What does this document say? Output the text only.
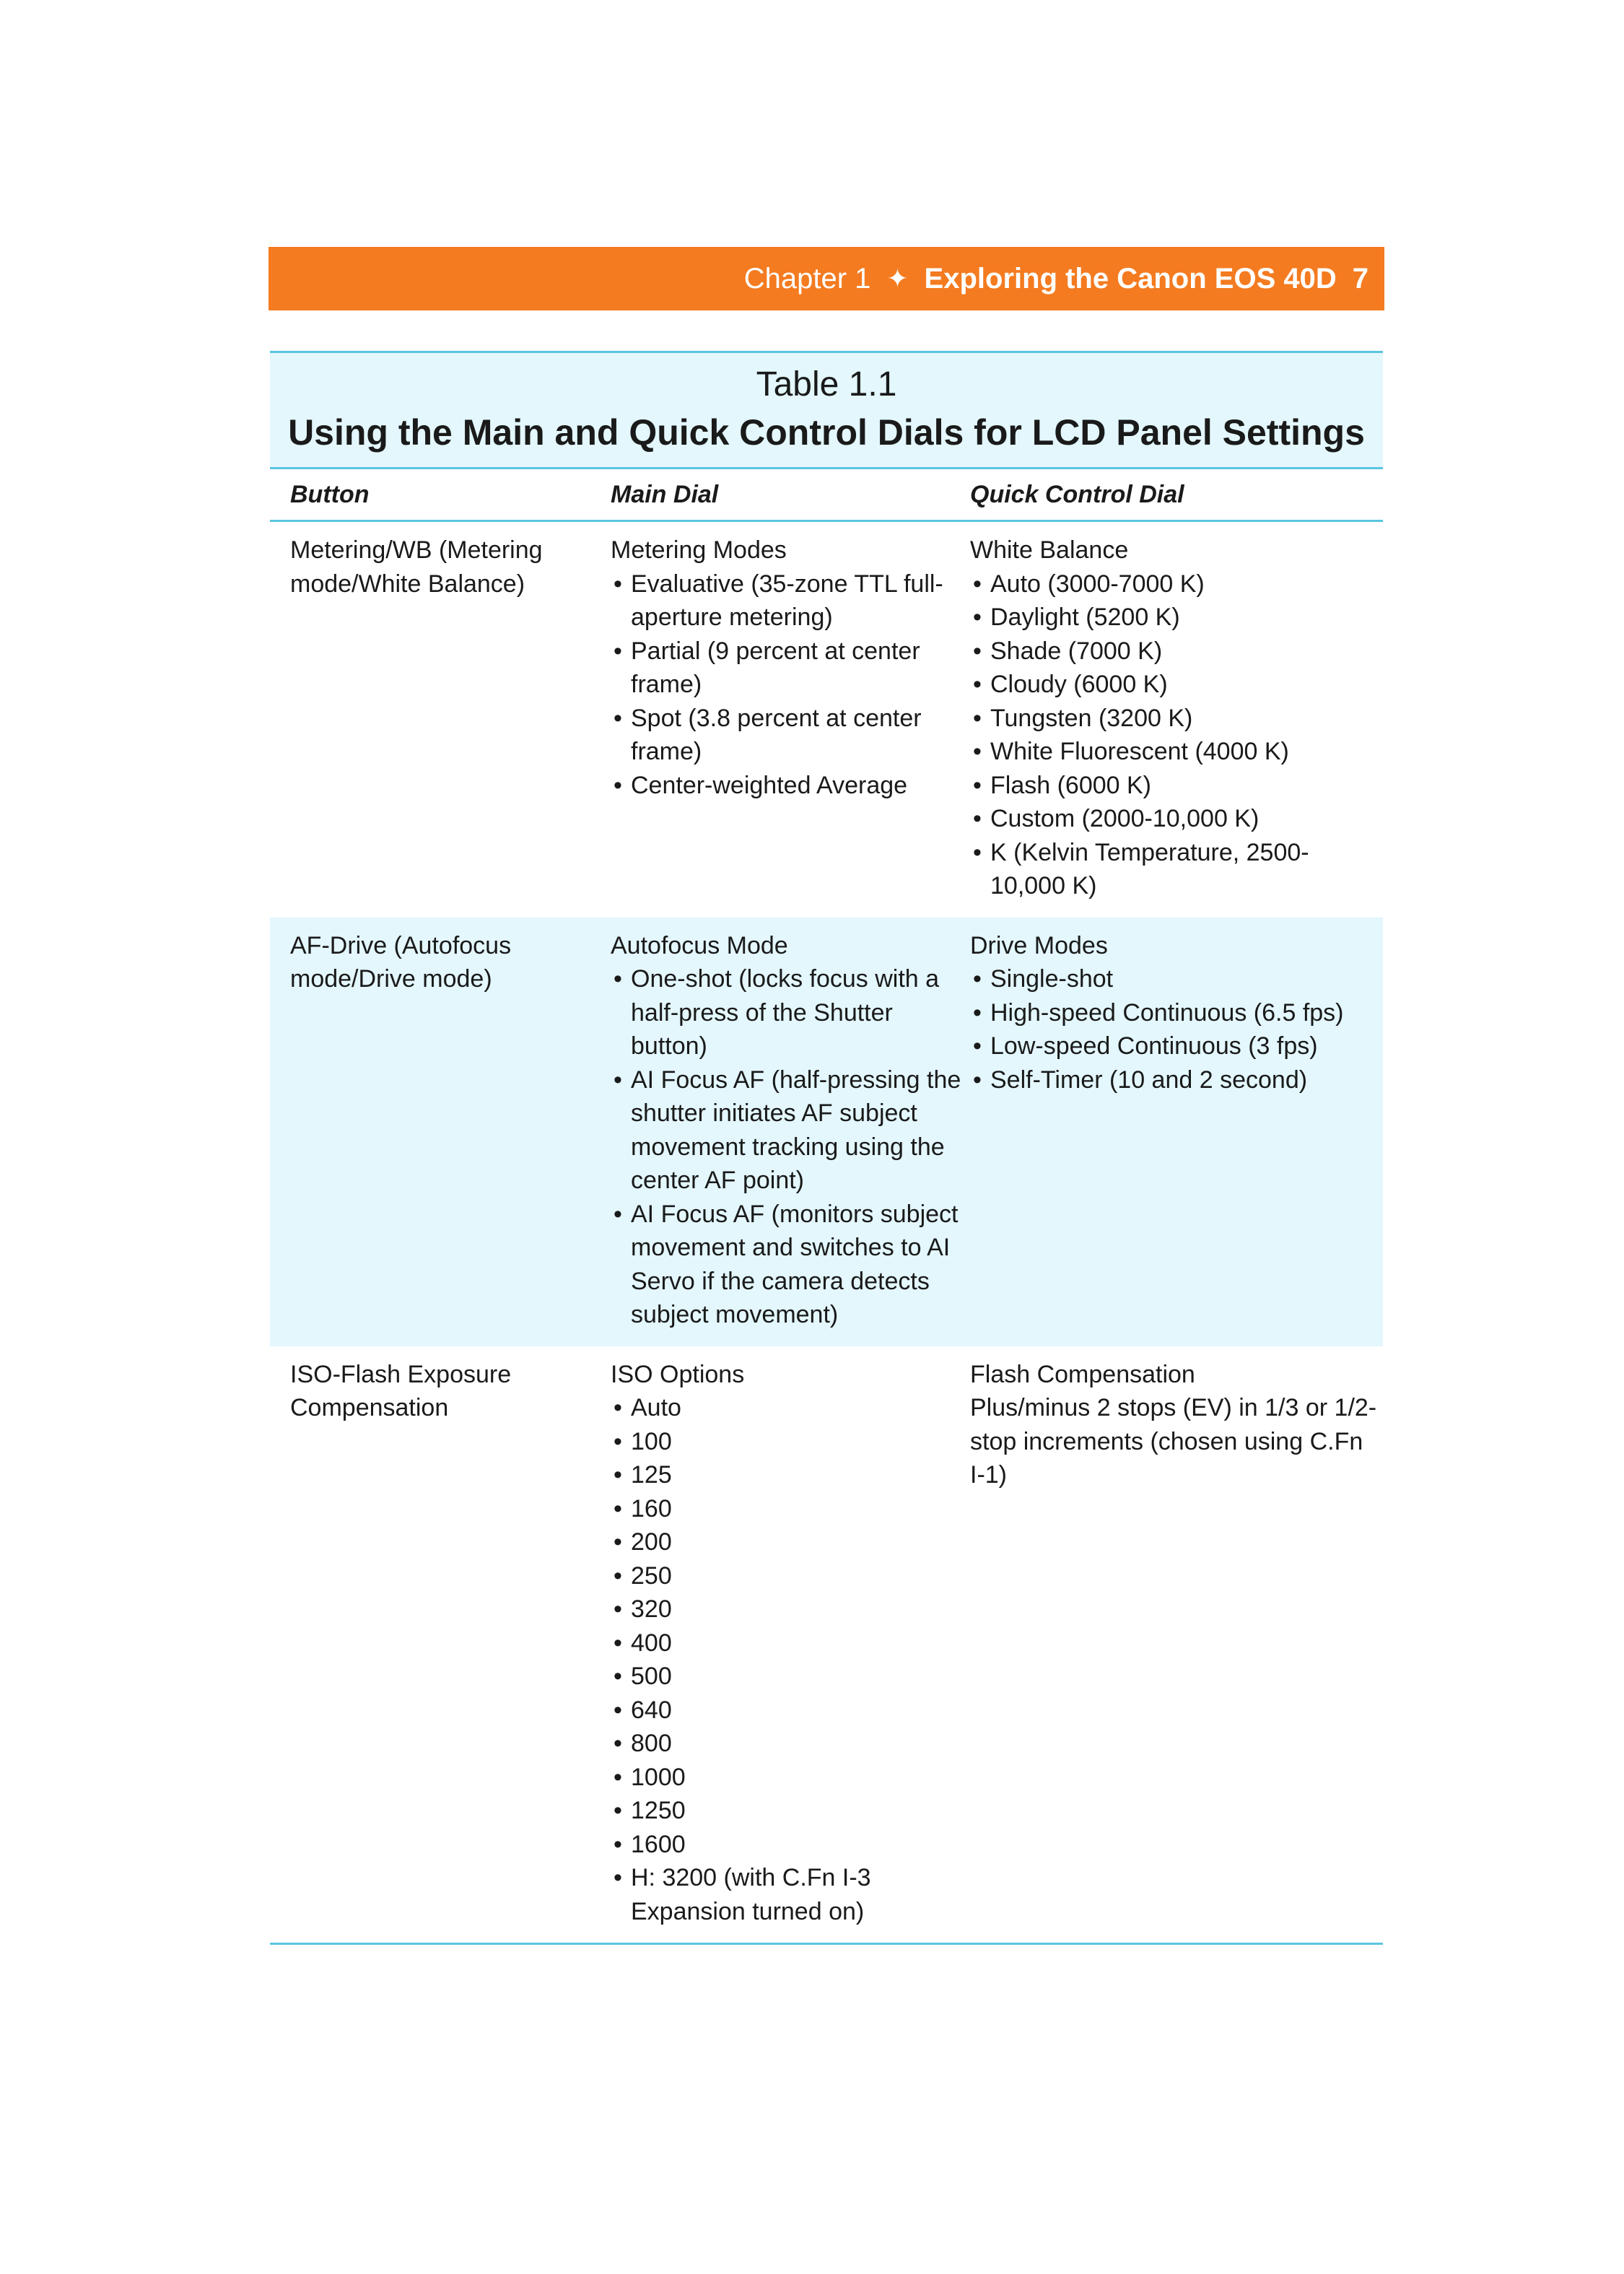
Chapter 1 ✦ Exploring the Canon EOS 40D 7
Table 1.1
Using the Main and Quick Control Dials for LCD Panel Settings
Button	Main Dial	Quick Control Dial
Metering/WB (Metering mode/White Balance)
Metering Modes
• Evaluative (35-zone TTL full-aperture metering)
• Partial (9 percent at center frame)
• Spot (3.8 percent at center frame)
• Center-weighted Average
White Balance
• Auto (3000-7000 K)
• Daylight (5200 K)
• Shade (7000 K)
• Cloudy (6000 K)
• Tungsten (3200 K)
• White Fluorescent (4000 K)
• Flash (6000 K)
• Custom (2000-10,000 K)
• K (Kelvin Temperature, 2500-10,000 K)
AF-Drive (Autofocus mode/Drive mode)
Autofocus Mode
• One-shot (locks focus with a half-press of the Shutter button)
• AI Focus AF (half-pressing the shutter initiates AF subject movement tracking using the center AF point)
• AI Focus AF (monitors subject movement and switches to AI Servo if the camera detects subject movement)
Drive Modes
• Single-shot
• High-speed Continuous (6.5 fps)
• Low-speed Continuous (3 fps)
• Self-Timer (10 and 2 second)
ISO-Flash Exposure Compensation
ISO Options
• Auto
• 100
• 125
• 160
• 200
• 250
• 320
• 400
• 500
• 640
• 800
• 1000
• 1250
• 1600
• H: 3200 (with C.Fn I-3 Expansion turned on)
Flash Compensation
Plus/minus 2 stops (EV) in 1/3 or 1/2-stop increments (chosen using C.Fn I-1)
